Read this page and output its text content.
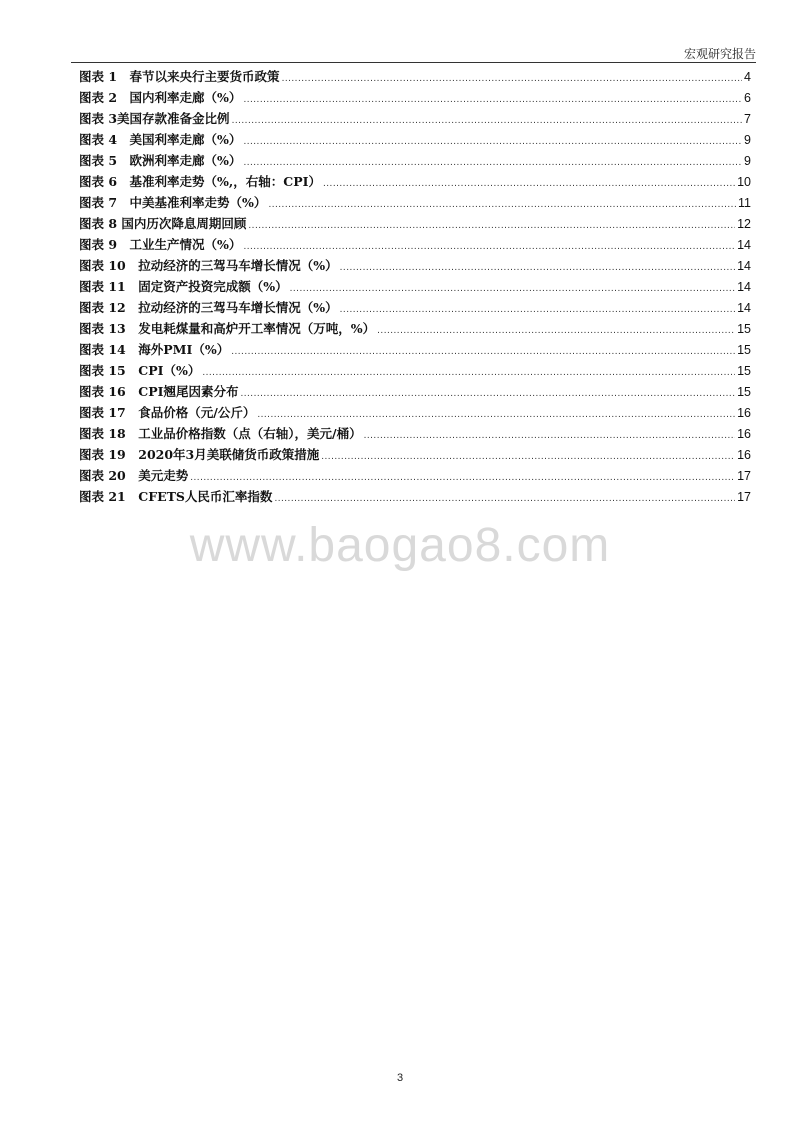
宏观研究报告
图表 1　春节以来央行主要货币政策 .....	4
图表 2　国内利率走廊（%） .....	6
图表 3美国存款准备金比例 .....	7
图表 4　美国利率走廊（%） .....	9
图表 5　欧洲利率走廊（%） .....	9
图表 6　基准利率走势（%,，右轴：CPI） .....	10
图表 7　中美基准利率走势（%） .....	11
图表 8 国内历次降息周期回顾 .....	12
图表 9　工业生产情况（%） .....	14
图表 10　拉动经济的三驾马车增长情况（%） .....	14
图表 11　固定资产投资完成额（%） .....	14
图表 12　拉动经济的三驾马车增长情况（%） .....	14
图表 13　发电耗煤量和高炉开工率情况（万吨，%） .....	15
图表 14　海外PMI（%） .....	15
图表 15　CPI（%） .....	15
图表 16　CPI翘尾因素分布 .....	15
图表 17　食品价格（元/公斤） .....	16
图表 18　工业品价格指数（点（右轴），美元/桶） .....	16
图表 19　2020年3月美联储货币政策措施 .....	16
图表 20　美元走势 .....	17
图表 21　CFETS人民币汇率指数 .....	17
www.baogao8.com
3
